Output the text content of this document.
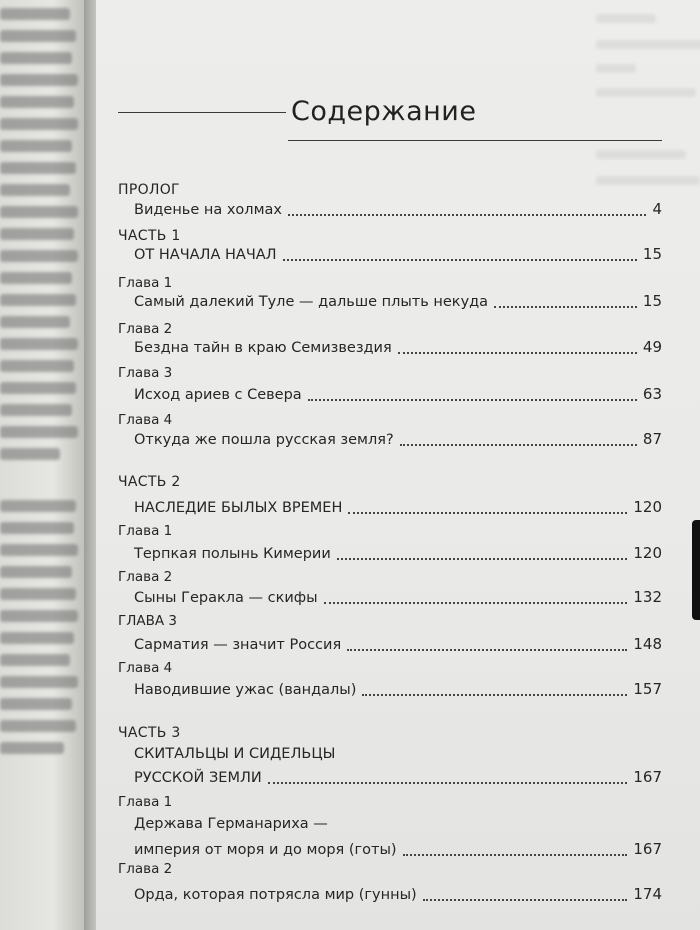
Содержание
ПРОЛОГ
Виденье на холмах	4
ЧАСТЬ 1
ОТ НАЧАЛА НАЧАЛ	15
Глава 1
Самый далекий Туле — дальше плыть некуда	15
Глава 2
Бездна тайн в краю Семизвездия	49
Глава 3
Исход ариев с Севера	63
Глава 4
Откуда же пошла русская земля?	87
ЧАСТЬ 2
НАСЛЕДИЕ БЫЛЫХ ВРЕМЕН	120
Глава 1
Терпкая полынь Кимерии	120
Глава 2
Сыны Геракла — скифы	132
ГЛАВА 3
Сарматия — значит Россия	148
Глава 4
Наводившие ужас (вандалы)	157
ЧАСТЬ 3
СКИТАЛЬЦЫ И СИДЕЛЬЦЫ
РУССКОЙ ЗЕМЛИ	167
Глава 1
Держава Германариха —
империя от моря и до моря (готы)	167
Глава 2
Орда, которая потрясла мир (гунны)	174
